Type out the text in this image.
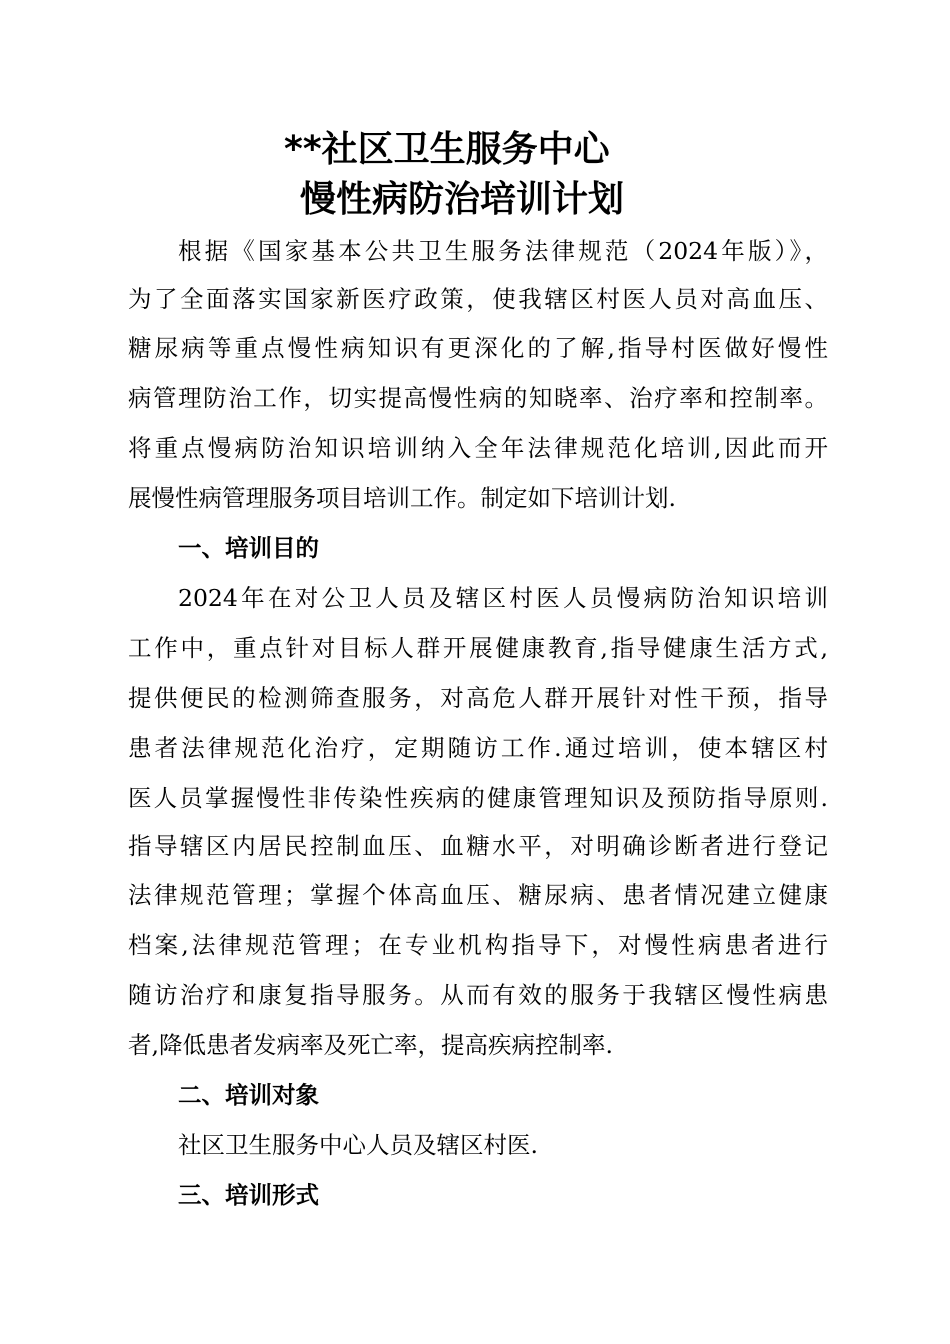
**社区卫生服务中心
慢性病防治培训计划
根据《国家基本公共卫生服务法律规范（2024年版）》，
为了全面落实国家新医疗政策，使我辖区村医人员对高血压、
糖尿病等重点慢性病知识有更深化的了解,指导村医做好慢性
病管理防治工作，切实提高慢性病的知晓率、治疗率和控制率。
将重点慢病防治知识培训纳入全年法律规范化培训,因此而开
展慢性病管理服务项目培训工作。制定如下培训计划.
一、培训目的
2024年在对公卫人员及辖区村医人员慢病防治知识培训
工作中，重点针对目标人群开展健康教育,指导健康生活方式,
提供便民的检测筛查服务，对高危人群开展针对性干预，指导
患者法律规范化治疗，定期随访工作.通过培训，使本辖区村
医人员掌握慢性非传染性疾病的健康管理知识及预防指导原则.
指导辖区内居民控制血压、血糖水平，对明确诊断者进行登记
法律规范管理；掌握个体高血压、糖尿病、患者情况建立健康
档案,法律规范管理；在专业机构指导下，对慢性病患者进行
随访治疗和康复指导服务。从而有效的服务于我辖区慢性病患
者,降低患者发病率及死亡率，提高疾病控制率.
二、培训对象
社区卫生服务中心人员及辖区村医.
三、培训形式
